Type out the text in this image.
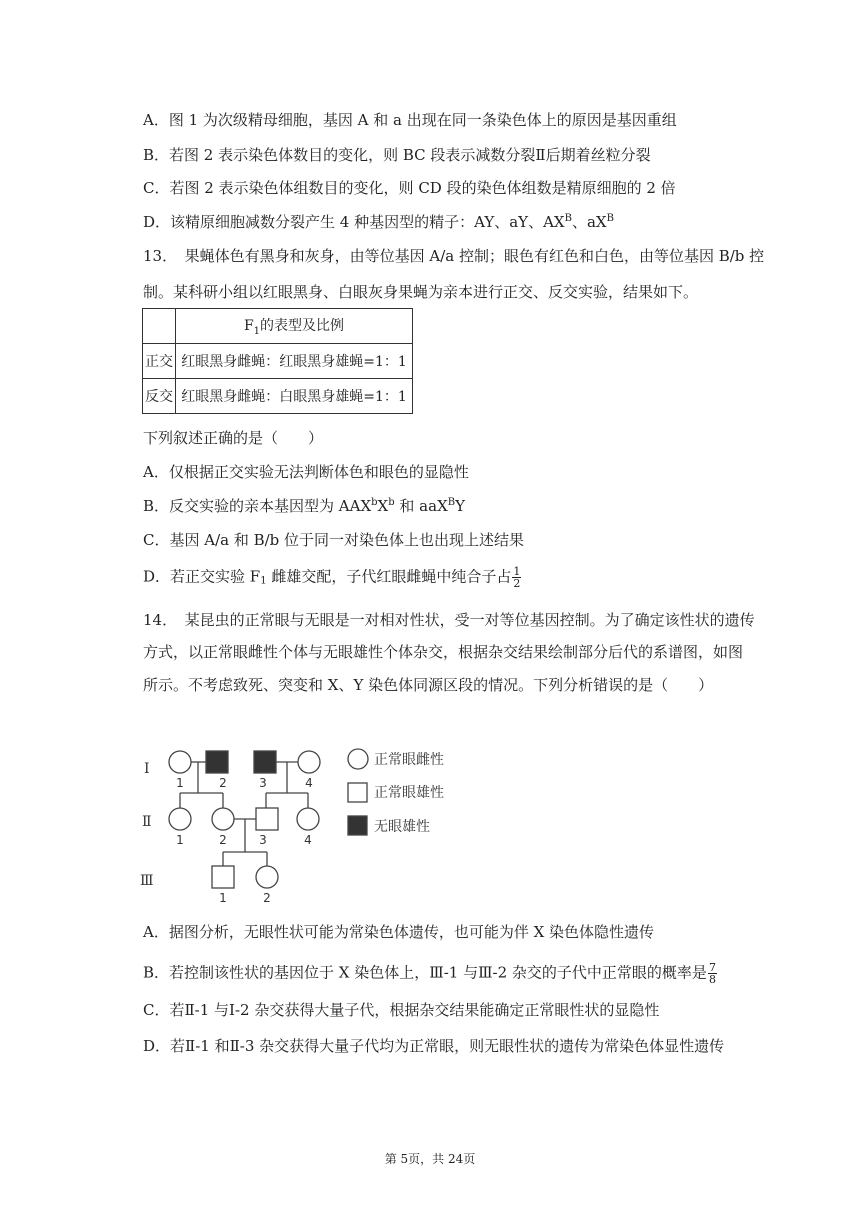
A．图 1 为次级精母细胞，基因 A 和 a 出现在同一条染色体上的原因是基因重组
B．若图 2 表示染色体数目的变化，则 BC 段表示减数分裂Ⅱ后期着丝粒分裂
C．若图 2 表示染色体组数目的变化，则 CD 段的染色体组数是精原细胞的 2 倍
D．该精原细胞减数分裂产生 4 种基因型的精子：AY、aY、$AX^B$、$aX^B$
13．　果蝇体色有黑身和灰身，由等位基因 A/a 控制；眼色有红色和白色，由等位基因 B/b 控
制。某科研小组以红眼黑身、白眼灰身果蝇为亲本进行正交、反交实验，结果如下。
	$F_1$的表型及比例
正交	红眼黑身雌蝇：红眼黑身雄蝇=1：1
反交	红眼黑身雌蝇：白眼黑身雄蝇=1：1
下列叙述正确的是（　　）
A．仅根据正交实验无法判断体色和眼色的显隐性
B．反交实验的亲本基因型为 $AAX^bX^b$ 和 aaX$^B$Y
C．基因 A/a 和 B/b 位于同一对染色体上也出现上述结果
D．若正交实验 $F_1$ 雌雄交配，子代红眼雌蝇中纯合子占 $\frac{1}{2}$
14．　某昆虫的正常眼与无眼是一对相对性状，受一对等位基因控制。为了确定该性状的遗传
方式，以正常眼雌性个体与无眼雄性个体杂交，根据杂交结果绘制部分后代的系谱图，如图
所示。不考虑致死、突变和 X、Y 染色体同源区段的情况。下列分析错误的是（　　）
Ⅰ
Ⅱ
Ⅲ
1	2	3	4
1	2	3	4
1	2
正常眼雌性
正常眼雄性
无眼雄性
A．据图分析，无眼性状可能为常染色体遗传，也可能为伴 X 染色体隐性遗传
B．若控制该性状的基因位于 X 染色体上，Ⅲ-1 与Ⅲ-2 杂交的子代中正常眼的概率是 $\frac{7}{8}$
C．若Ⅱ-1 与Ⅰ-2 杂交获得大量子代，根据杂交结果能确定正常眼性状的显隐性
D．若Ⅱ-1 和Ⅱ-3 杂交获得大量子代均为正常眼，则无眼性状的遗传为常染色体显性遗传
第 5页，共 24页
